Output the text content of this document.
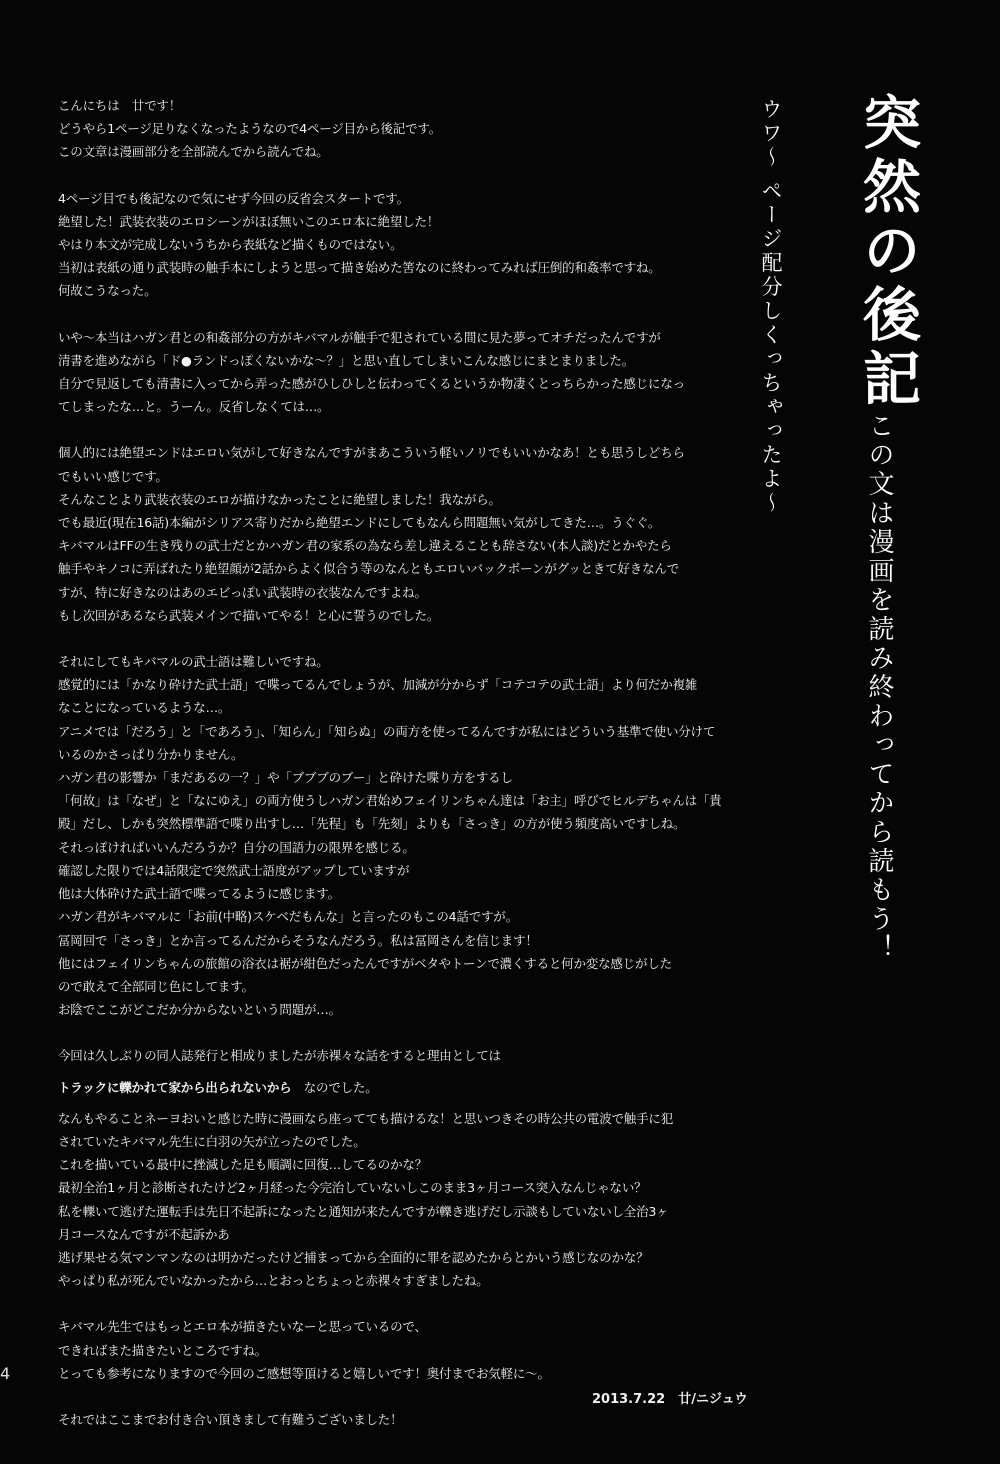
突然の後記
ウワ〜 ページ配分しくっちゃったよ〜
この文は漫画を読み終わってから読もう！

こんにちは　廿です！
どうやら1ページ足りなくなったようなので4ページ目から後記です。
この文章は漫画部分を全部読んでから読んでね。

4ページ目でも後記なので気にせず今回の反省会スタートです。
絶望した！武装衣装のエロシーンがほぼ無いこのエロ本に絶望した！
やはり本文が完成しないうちから表紙など描くものではない。
当初は表紙の通り武装時の触手本にしようと思って描き始めた筈なのに終わってみれば圧倒的和姦率ですね。
何故こうなった。

いや〜本当はハガン君との和姦部分の方がキバマルが触手で犯されている間に見た夢ってオチだったんですが
清書を進めながら「ド●ランドっぽくないかな〜？」と思い直してしまいこんな感じにまとまりました。
自分で見返しても清書に入ってから弄った感がひしひしと伝わってくるというか物凄くとっちらかった感じになっ
てしまったな…と。うーん。反省しなくては…。

個人的には絶望エンドはエロい気がして好きなんですがまあこういう軽いノリでもいいかなあ！とも思うしどちら
でもいい感じです。
そんなことより武装衣装のエロが描けなかったことに絶望しました！我ながら。
でも最近(現在16話)本編がシリアス寄りだから絶望エンドにしてもなんら問題無い気がしてきた…。うぐぐ。
キバマルはFFの生き残りの武士だとかハガン君の家系の為なら差し違えることも辞さない(本人談)だとかやたら
触手やキノコに弄ばれたり絶望顔が2話からよく似合う等のなんともエロいバックボーンがグッときて好きなんで
すが、特に好きなのはあのエビっぽい武装時の衣装なんですよね。
もし次回があるなら武装メインで描いてやる！と心に誓うのでした。

それにしてもキバマルの武士語は難しいですね。
感覚的には「かなり砕けた武士語」で喋ってるんでしょうが、加減が分からず「コテコテの武士語」より何だか複雑
なことになっているような…。
アニメでは「だろう」と「であろう」、「知らん」「知らぬ」の両方を使ってるんですが私にはどういう基準で使い分けて
いるのかさっぱり分かりません。
ハガン君の影響か「まだあるの一？」や「ブブブのブー」と砕けた喋り方をするし
「何故」は「なぜ」と「なにゆえ」の両方使うしハガン君始めフェイリンちゃん達は「お主」呼びでヒルデちゃんは「貴
殿」だし、しかも突然標準語で喋り出すし…「先程」も「先刻」よりも「さっき」の方が使う頻度高いですしね。
それっぽければいいんだろうか？自分の国語力の限界を感じる。
確認した限りでは4話限定で突然武士語度がアップしていますが
他は大体砕けた武士語で喋ってるように感じます。
ハガン君がキバマルに「お前(中略)スケベだもんな」と言ったのもこの4話ですが。
冨岡回で「さっき」とか言ってるんだからそうなんだろう。私は冨岡さんを信じます！
他にはフェイリンちゃんの旅館の浴衣は裾が紺色だったんですがベタやトーンで濃くすると何か変な感じがした
ので敢えて全部同じ色にしてます。
お陰でここがどこだか分からないという問題が…。

今回は久しぶりの同人誌発行と相成りましたが赤裸々な話をすると理由としては

トラックに轢かれて家から出られないから　なのでした。

なんもやることネーヨおいと感じた時に漫画なら座ってても描けるな！と思いつきその時公共の電波で触手に犯
されていたキバマル先生に白羽の矢が立ったのでした。
これを描いている最中に挫滅した足も順調に回復…してるのかな？
最初全治1ヶ月と診断されたけど2ヶ月経った今完治していないしこのまま3ヶ月コース突入なんじゃない？
私を轢いて逃げた運転手は先日不起訴になったと通知が来たんですが轢き逃げだし示談もしていないし全治3ヶ
月コースなんですが不起訴かあ
逃げ果せる気マンマンなのは明かだったけど捕まってから全面的に罪を認めたからとかいう感じなのかな？
やっぱり私が死んでいなかったから…とおっとちょっと赤裸々すぎましたね。

キバマル先生ではもっとエロ本が描きたいなーと思っているので、
できればまた描きたいところですね。
とっても参考になりますので今回のご感想等頂けると嬉しいです！奥付までお気軽に〜。

それではここまでお付き合い頂きまして有難うございました！

4
2013.7.22　廿/ニジュウ
